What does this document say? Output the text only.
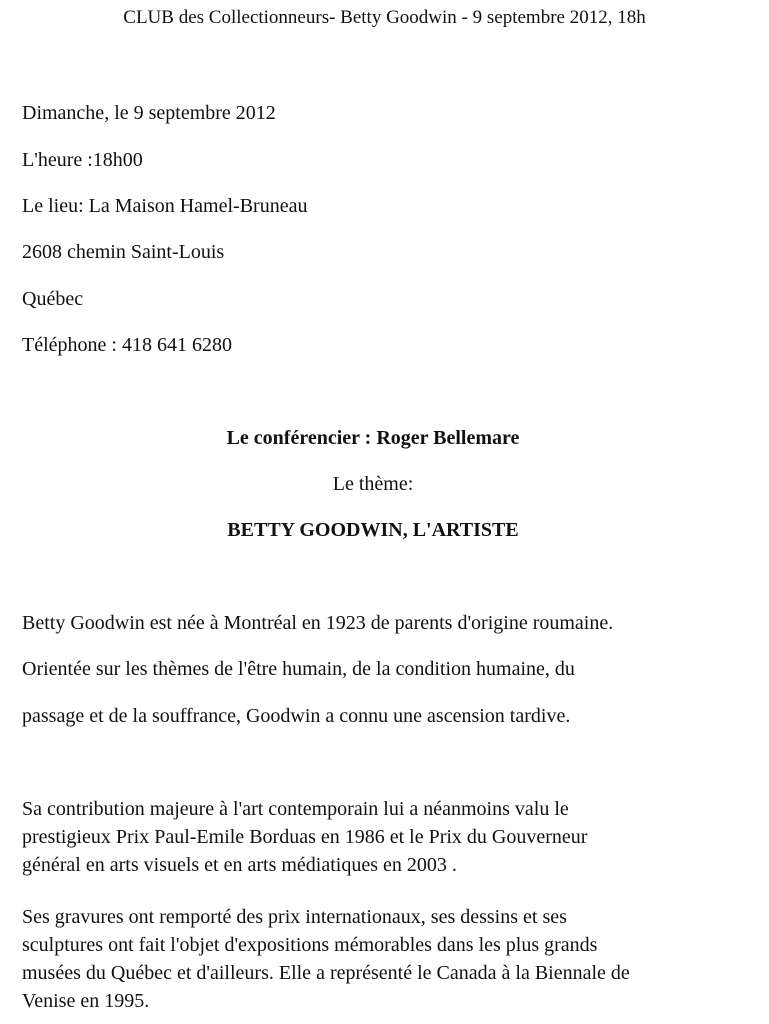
CLUB des Collectionneurs- Betty Goodwin - 9 septembre 2012, 18h

Dimanche, le 9 septembre 2012

L'heure :18h00

Le lieu: La Maison Hamel-Bruneau

2608 chemin Saint-Louis

Québec

Téléphone : 418 641 6280

Le conférencier : Roger Bellemare

Le thème:

BETTY GOODWIN, L'ARTISTE

Betty Goodwin est née à Montréal en 1923 de parents d'origine roumaine.

Orientée sur les thèmes de l'être humain, de la condition humaine, du

passage et de la souffrance, Goodwin a connu une ascension tardive.

Sa contribution majeure à l'art contemporain lui a néanmoins valu le
prestigieux Prix Paul-Emile Borduas en 1986 et le Prix du Gouverneur
général en arts visuels et en arts médiatiques en 2003 .
Ses gravures ont remporté des prix internationaux, ses dessins et ses
sculptures ont fait l'objet d'expositions mémorables dans les plus grands
musées du Québec et d'ailleurs. Elle a représenté le Canada à la Biennale de
Venise en 1995.
